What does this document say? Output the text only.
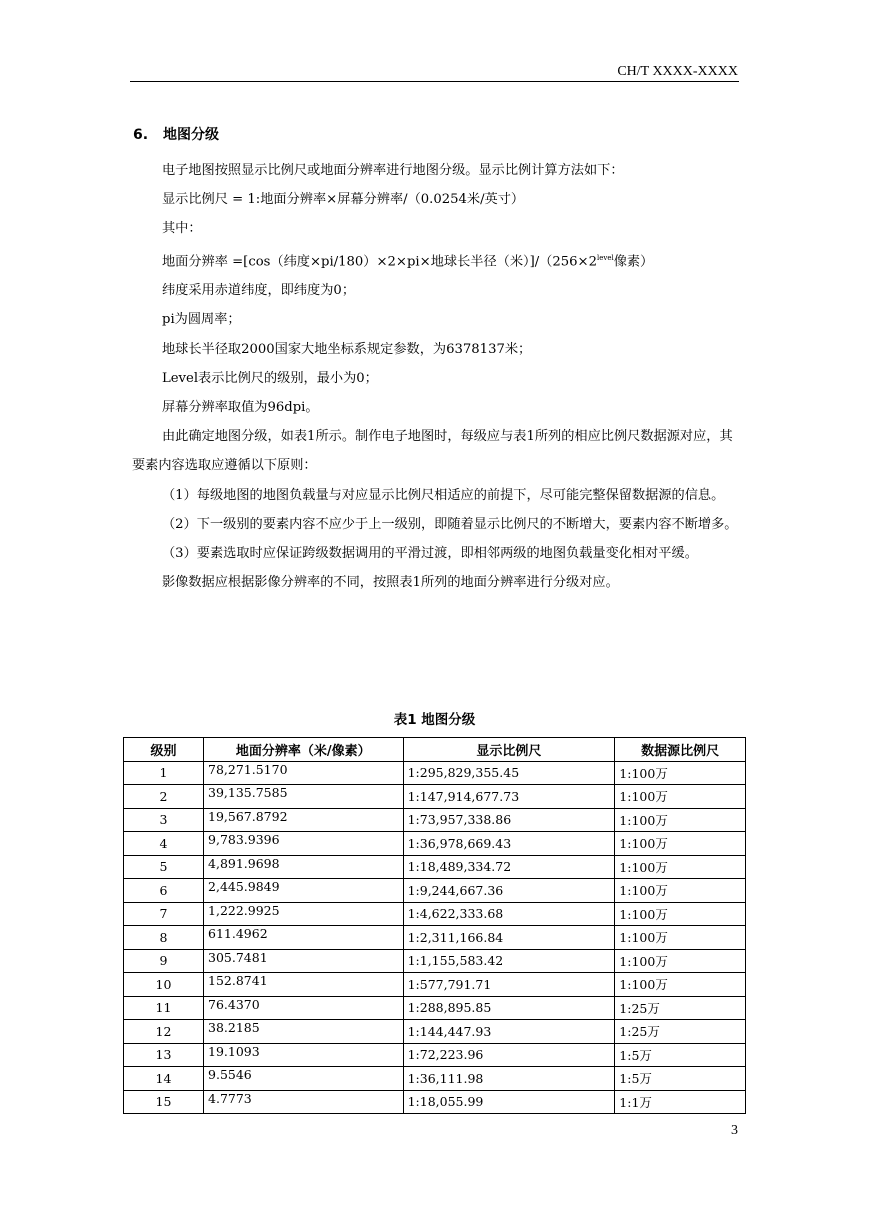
CH/T XXXX-XXXX
6. 地图分级

电子地图按照显示比例尺或地面分辨率进行地图分级。显示比例计算方法如下：

显示比例尺 = 1:地面分辨率×屏幕分辨率/（0.0254米/英寸）

其中：

地面分辨率 =[cos（纬度×pi/180）×2×pi×地球长半径（米）]$/(256\times 2^{level}$像素）

纬度采用赤道纬度，即纬度为0；

pi为圆周率；

地球长半径取2000国家大地坐标系规定参数，为6378137米；

Level表示比例尺的级别，最小为0；

屏幕分辨率取值为96dpi。

由此确定地图分级，如表1所示。制作电子地图时，每级应与表1所列的相应比例尺数据源对应，其要素内容选取应遵循以下原则：

（1）每级地图的地图负载量与对应显示比例尺相适应的前提下，尽可能完整保留数据源的信息。

（2）下一级别的要素内容不应少于上一级别，即随着显示比例尺的不断增大，要素内容不断增多。

（3）要素选取时应保证跨级数据调用的平滑过渡，即相邻两级的地图负载量变化相对平缓。

影像数据应根据影像分辨率的不同，按照表1所列的地面分辨率进行分级对应。

表1 地图分级
级别	地面分辨率（米/像素）	显示比例尺	数据源比例尺
1	78,271.5170	1:295,829,355.45	1:100万
2	39,135.7585	1:147,914,677.73	1:100万
3	19,567.8792	1:73,957,338.86	1:100万
4	9,783.9396	1:36,978,669.43	1:100万
5	4,891.9698	1:18,489,334.72	1:100万
6	2,445.9849	1:9,244,667.36	1:100万
7	1,222.9925	1:4,622,333.68	1:100万
8	611.4962	1:2,311,166.84	1:100万
9	305.7481	1:1,155,583.42	1:100万
10	152.8741	1:577,791.71	1:100万
11	76.4370	1:288,895.85	1:25万
12	38.2185	1:144,447.93	1:25万
13	19.1093	1:72,223.96	1:5万
14	9.5546	1:36,111.98	1:5万
15	4.7773	1:18,055.99	1:1万
3
